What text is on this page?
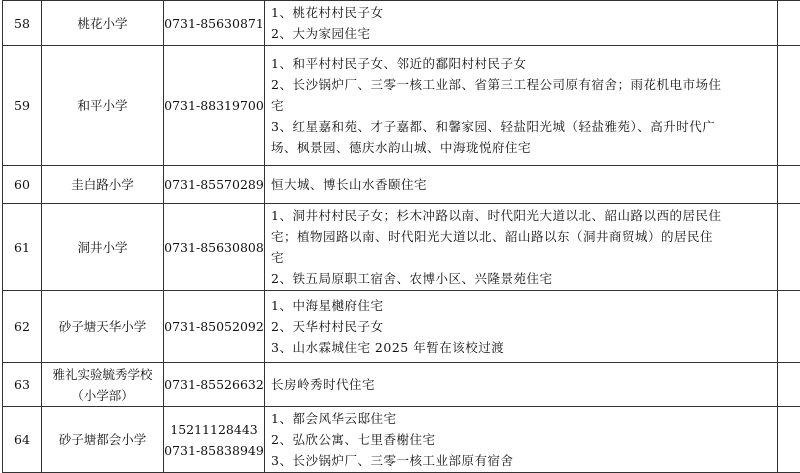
58	桃花小学	0731-85630871	1、桃花村村民子女
2、大为家园住宅	

59	和平小学	0731-88319700	1、和平村村民子女、邻近的鄱阳村村民子女
2、长沙锅炉厂、三零一核工业部、省第三工程公司原有宿舍；雨花机电市场住
宅
3、红星嘉和苑、才子嘉都、和馨家园、轻盐阳光城（轻盐雅苑）、高升时代广
场、枫景园、德庆水韵山城、中海珑悦府住宅	

60	圭白路小学	0731-85570289	恒大城、博长山水香颐住宅	

61	洞井小学	0731-85630808	1、洞井村村民子女；杉木冲路以南、时代阳光大道以北、韶山路以西的居民住
宅；植物园路以南、时代阳光大道以北、韶山路以东（洞井商贸城）的居民住
宅
2、铁五局原职工宿舍、农博小区、兴隆景苑住宅	

62	砂子塘天华小学	0731-85052092	1、中海星樾府住宅
2、天华村村民子女
3、山水霖城住宅 2025 年暂在该校过渡	

63	雅礼实验毓秀学校（小学部）	0731-85526632	长房岭秀时代住宅	

64	砂子塘都会小学	15211128443
0731-85838949	1、都会风华云邸住宅
2、弘欣公寓、七里香榭住宅
3、长沙锅炉厂、三零一核工业部原有宿舍	
